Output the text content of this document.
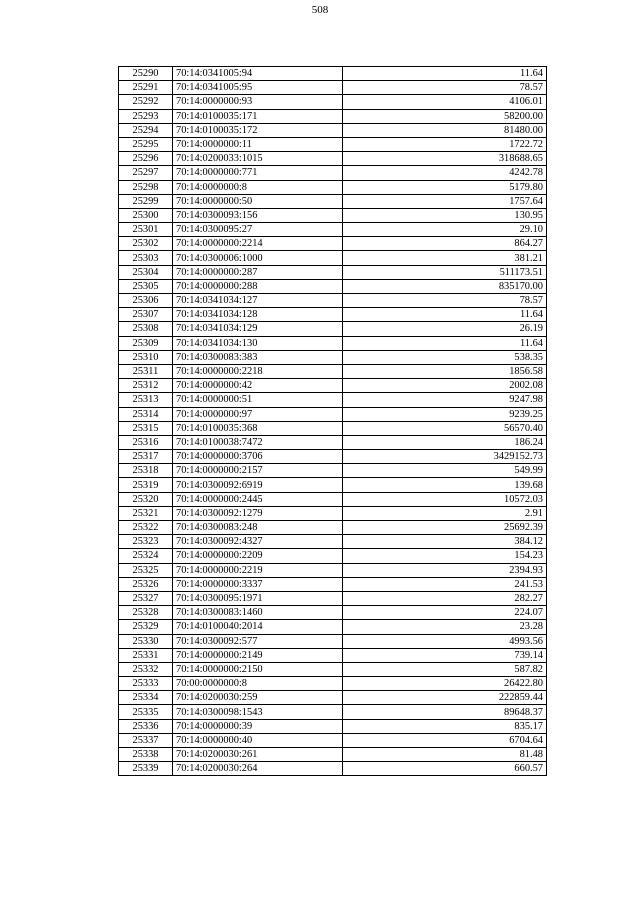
508
25290	70:14:0341005:94	11.64
25291	70:14:0341005:95	78.57
25292	70:14:0000000:93	4106.01
25293	70:14:0100035:171	58200.00
25294	70:14:0100035:172	81480.00
25295	70:14:0000000:11	1722.72
25296	70:14:0200033:1015	318688.65
25297	70:14:0000000:771	4242.78
25298	70:14:0000000:8	5179.80
25299	70:14:0000000:50	1757.64
25300	70:14:0300093:156	130.95
25301	70:14:0300095:27	29.10
25302	70:14:0000000:2214	864.27
25303	70:14:0300006:1000	381.21
25304	70:14:0000000:287	511173.51
25305	70:14:0000000:288	835170.00
25306	70:14:0341034:127	78.57
25307	70:14:0341034:128	11.64
25308	70:14:0341034:129	26.19
25309	70:14:0341034:130	11.64
25310	70:14:0300083:383	538.35
25311	70:14:0000000:2218	1856.58
25312	70:14:0000000:42	2002.08
25313	70:14:0000000:51	9247.98
25314	70:14:0000000:97	9239.25
25315	70:14:0100035:368	56570.40
25316	70:14:0100038:7472	186.24
25317	70:14:0000000:3706	3429152.73
25318	70:14:0000000:2157	549.99
25319	70:14:0300092:6919	139.68
25320	70:14:0000000:2445	10572.03
25321	70:14:0300092:1279	2.91
25322	70:14:0300083:248	25692.39
25323	70:14:0300092:4327	384.12
25324	70:14:0000000:2209	154.23
25325	70:14:0000000:2219	2394.93
25326	70:14:0000000:3337	241.53
25327	70:14:0300095:1971	282.27
25328	70:14:0300083:1460	224.07
25329	70:14:0100040:2014	23.28
25330	70:14:0300092:577	4993.56
25331	70:14:0000000:2149	739.14
25332	70:14:0000000:2150	587.82
25333	70:00:0000000:8	26422.80
25334	70:14:0200030:259	222859.44
25335	70:14:0300098:1543	89648.37
25336	70:14:0000000:39	835.17
25337	70:14:0000000:40	6704.64
25338	70:14:0200030:261	81.48
25339	70:14:0200030:264	660.57
